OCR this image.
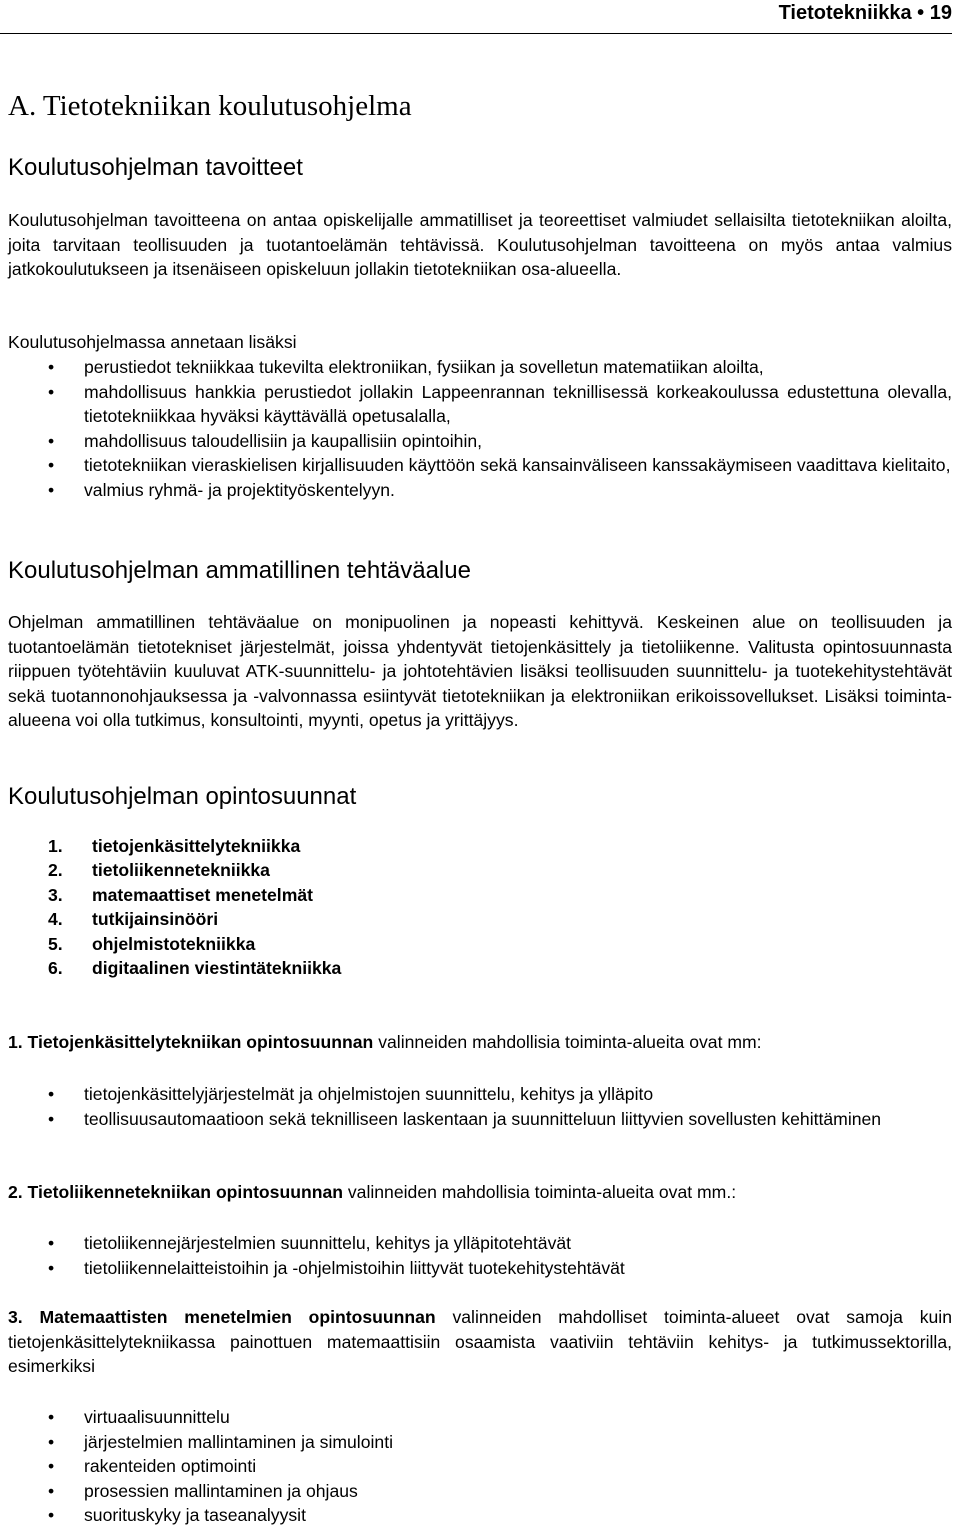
Tietotekniikka • 19
A. Tietotekniikan koulutusohjelma
Koulutusohjelman tavoitteet
Koulutusohjelman tavoitteena on antaa opiskelijalle ammatilliset ja teoreettiset valmiudet sellaisilta tietotekniikan aloilta, joita tarvitaan teollisuuden ja tuotantoelämän tehtävissä. Koulutusohjelman tavoitteena on myös antaa valmius jatkokoulutukseen ja itsenäiseen opiskeluun jollakin tietotekniikan osa-alueella.
Koulutusohjelmassa annetaan lisäksi
• perustiedot tekniikkaa tukevilta elektroniikan, fysiikan ja sovelletun matematiikan aloilta,
• mahdollisuus hankkia perustiedot jollakin Lappeenrannan teknillisessä korkeakoulussa edustettuna olevalla, tietotekniikkaa hyväksi käyttävällä opetusalalla,
• mahdollisuus taloudellisiin ja kaupallisiin opintoihin,
• tietotekniikan vieraskielisen kirjallisuuden käyttöön sekä kansainväliseen kanssakäymiseen vaadittava kielitaito,
• valmius ryhmä- ja projektityöskentelyyn.
Koulutusohjelman ammatillinen tehtäväalue
Ohjelman ammatillinen tehtäväalue on monipuolinen ja nopeasti kehittyvä. Keskeinen alue on teollisuuden ja tuotantoelämän tietotekniset järjestelmät, joissa yhdentyvät tietojenkäsittely ja tietoliikenne. Valitusta opintosuunnasta riippuen työtehtäviin kuuluvat ATK-suunnittelu- ja johtotehtävien lisäksi teollisuuden suunnittelu- ja tuotekehitystehtävät sekä tuotannonohjauksessa ja -valvonnassa esiintyvät tietotekniikan ja elektroniikan erikoissovellukset. Lisäksi toiminta-alueena voi olla tutkimus, konsultointi, myynti, opetus ja yrittäjyys.
Koulutusohjelman opintosuunnat
1. tietojenkäsittelytekniikka
2. tietoliikennetekniikka
3. matemaattiset menetelmät
4. tutkijainsinööri
5. ohjelmistotekniikka
6. digitaalinen viestintätekniikka
1. Tietojenkäsittelytekniikan opintosuunnan valinneiden mahdollisia toiminta-alueita ovat mm:
• tietojenkäsittelyjärjestelmät ja ohjelmistojen suunnittelu, kehitys ja ylläpito
• teollisuusautomaatioon sekä teknilliseen laskentaan ja suunnitteluun liittyvien sovellusten kehittäminen
2. Tietoliikennetekniikan opintosuunnan valinneiden mahdollisia toiminta-alueita ovat mm.:
• tietoliikennejärjestelmien suunnittelu, kehitys ja ylläpitotehtävät
• tietoliikennelaitteistoihin ja -ohjelmistoihin liittyvät tuotekehitystehtävät
3. Matemaattisten menetelmien opintosuunnan valinneiden mahdolliset toiminta-alueet ovat samoja kuin tietojenkäsittelytekniikassa painottuen matemaattisiin osaamista vaativiin tehtäviin kehitys- ja tutkimussektorilla, esimerkiksi
• virtuaalisuunnittelu
• järjestelmien mallintaminen ja simulointi
• rakenteiden optimointi
• prosessien mallintaminen ja ohjaus
• suorituskyky ja taseanalyysit
